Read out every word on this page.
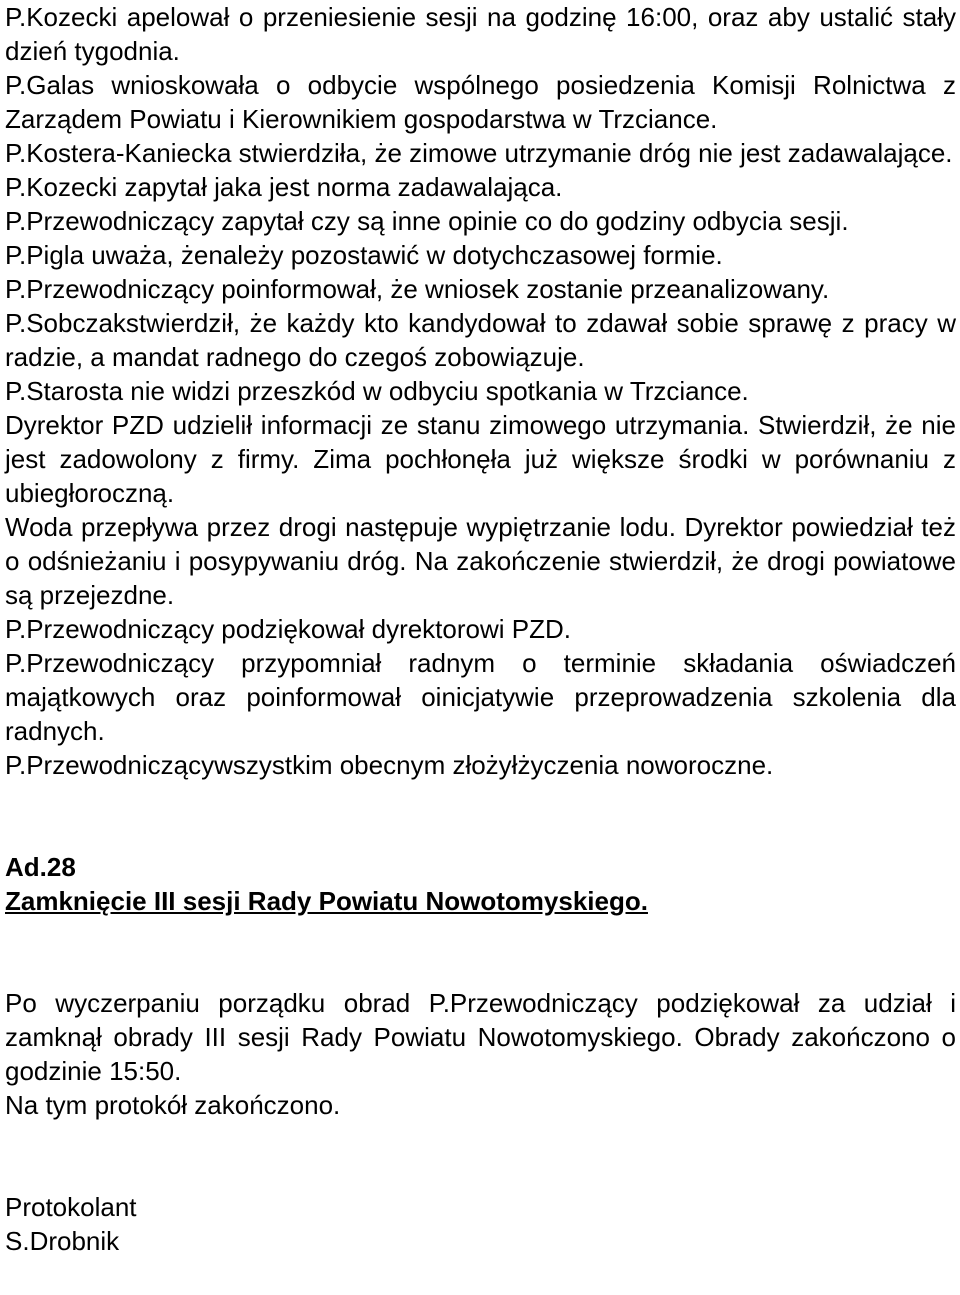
P.Kozecki apelował o przeniesienie sesji na godzinę 16:00, oraz aby ustalić stały dzień tygodnia.

P.Galas wnioskowała o odbycie wspólnego posiedzenia Komisji Rolnictwa z Zarządem Powiatu i Kierownikiem gospodarstwa w Trzciance.

P.Kostera-Kaniecka stwierdziła, że zimowe utrzymanie dróg nie jest zadawalające.

P.Kozecki zapytał jaka jest norma zadawalająca.

P.Przewodniczący zapytał czy są inne opinie co do godziny odbycia sesji.

P.Pigla uważa, żenależy pozostawić w dotychczasowej formie.

P.Przewodniczący poinformował, że wniosek zostanie przeanalizowany.

P.Sobczakstwierdził, że każdy kto kandydował to zdawał sobie sprawę z pracy w radzie, a mandat radnego do czegoś zobowiązuje.

P.Starosta nie widzi przeszkód w odbyciu spotkania w Trzciance.

Dyrektor PZD udzielił informacji ze stanu zimowego utrzymania. Stwierdził, że nie jest zadowolony z firmy. Zima pochłonęła już większe środki w porównaniu z ubiegłoroczną.

Woda przepływa przez drogi następuje wypiętrzanie lodu. Dyrektor powiedział też o odśnieżaniu i posypywaniu dróg. Na zakończenie stwierdził, że drogi powiatowe są przejezdne.

P.Przewodniczący podziękował dyrektorowi PZD.

P.Przewodniczący przypomniał radnym o terminie składania oświadczeń majątkowych oraz poinformował oinicjatywie przeprowadzenia szkolenia dla radnych.

P.Przewodniczącywszystkim obecnym złożyłżyczenia noworoczne.

Ad.28

Zamknięcie III sesji Rady Powiatu Nowotomyskiego.

Po wyczerpaniu porządku obrad P.Przewodniczący podziękował za udział i zamknął obrady III sesji Rady Powiatu Nowotomyskiego. Obrady zakończono o godzinie 15:50.

Na tym protokół zakończono.

Protokolant

S.Drobnik
